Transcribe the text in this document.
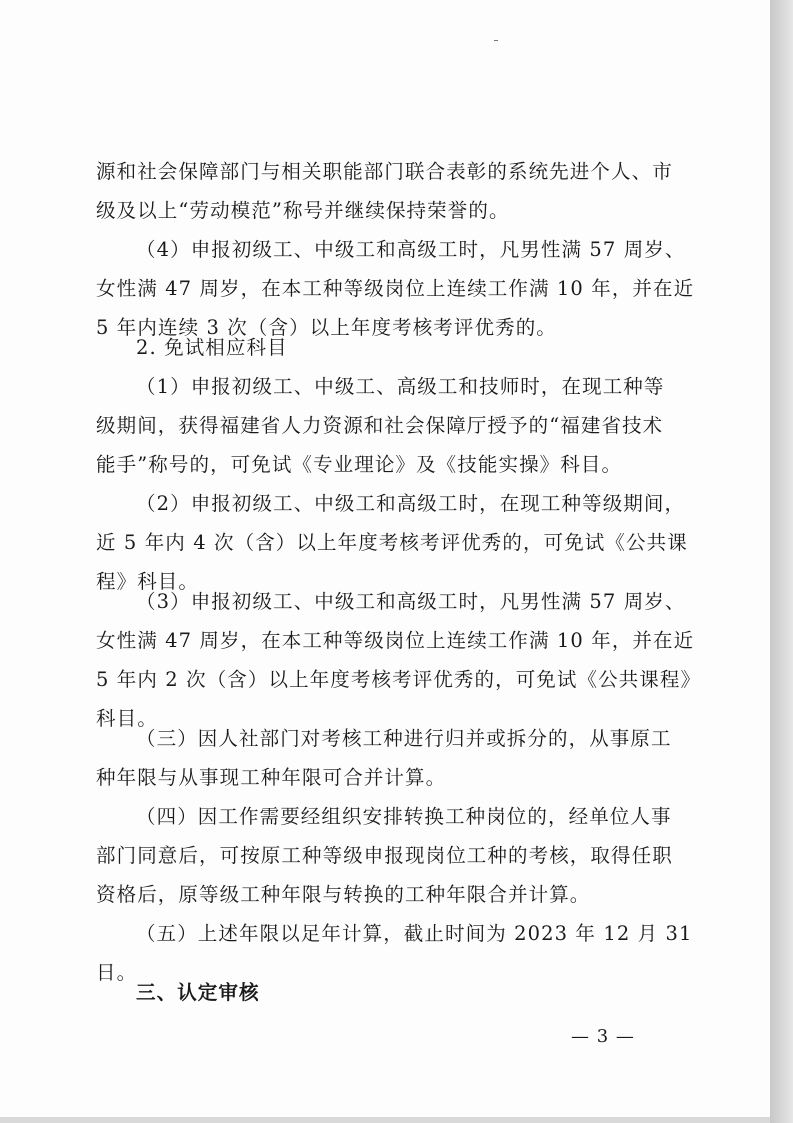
源和社会保障部门与相关职能部门联合表彰的系统先进个人、市
级及以上“劳动模范”称号并继续保持荣誉的。
（4）申报初级工、中级工和高级工时，凡男性满 57 周岁、
女性满 47 周岁，在本工种等级岗位上连续工作满 10 年，并在近
5 年内连续 3 次（含）以上年度考核考评优秀的。
2. 免试相应科目
（1）申报初级工、中级工、高级工和技师时，在现工种等
级期间，获得福建省人力资源和社会保障厅授予的“福建省技术
能手”称号的，可免试《专业理论》及《技能实操》科目。
（2）申报初级工、中级工和高级工时，在现工种等级期间，
近 5 年内 4 次（含）以上年度考核考评优秀的，可免试《公共课
程》科目。
（3）申报初级工、中级工和高级工时，凡男性满 57 周岁、
女性满 47 周岁，在本工种等级岗位上连续工作满 10 年，并在近
5 年内 2 次（含）以上年度考核考评优秀的，可免试《公共课程》
科目。
（三）因人社部门对考核工种进行归并或拆分的，从事原工
种年限与从事现工种年限可合并计算。
（四）因工作需要经组织安排转换工种岗位的，经单位人事
部门同意后，可按原工种等级申报现岗位工种的考核，取得任职
资格后，原等级工种年限与转换的工种年限合并计算。
（五）上述年限以足年计算，截止时间为 2023 年 12 月 31
日。
三、认定审核
— 3 —
